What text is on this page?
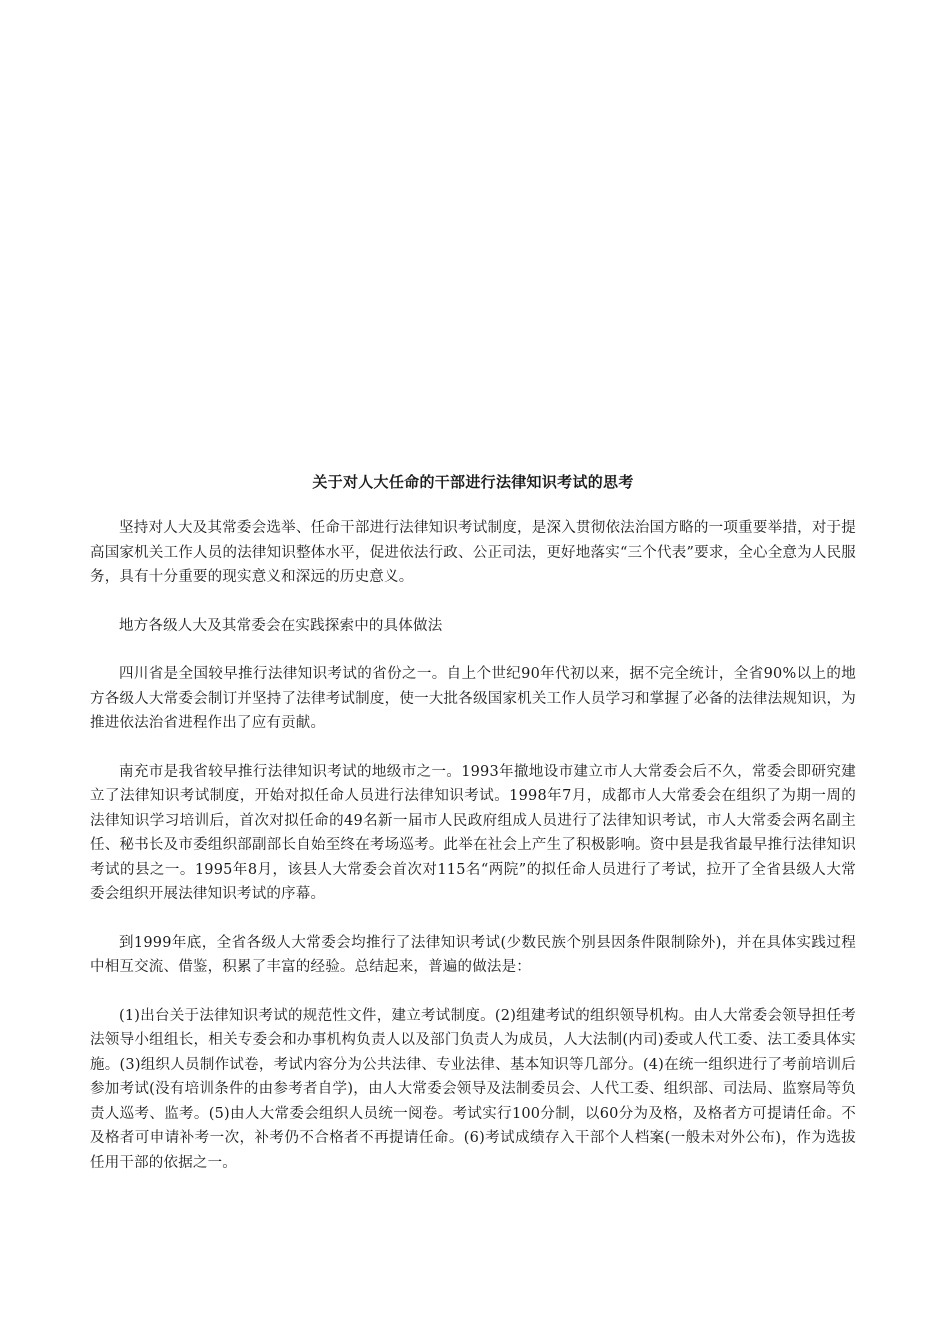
关于对人大任命的干部进行法律知识考试的思考

坚持对人大及其常委会选举、任命干部进行法律知识考试制度，是深入贯彻依法治国方略的一项重要举措，对于提高国家机关工作人员的法律知识整体水平，促进依法行政、公正司法，更好地落实“三个代表”要求，全心全意为人民服务，具有十分重要的现实意义和深远的历史意义。

地方各级人大及其常委会在实践探索中的具体做法

四川省是全国较早推行法律知识考试的省份之一。自上个世纪90年代初以来，据不完全统计，全省90%以上的地方各级人大常委会制订并坚持了法律考试制度，使一大批各级国家机关工作人员学习和掌握了必备的法律法规知识，为推进依法治省进程作出了应有贡献。

南充市是我省较早推行法律知识考试的地级市之一。1993年撤地设市建立市人大常委会后不久，常委会即研究建立了法律知识考试制度，开始对拟任命人员进行法律知识考试。1998年7月，成都市人大常委会在组织了为期一周的法律知识学习培训后，首次对拟任命的49名新一届市人民政府组成人员进行了法律知识考试，市人大常委会两名副主任、秘书长及市委组织部副部长自始至终在考场巡考。此举在社会上产生了积极影响。资中县是我省最早推行法律知识考试的县之一。1995年8月，该县人大常委会首次对115名“两院”的拟任命人员进行了考试，拉开了全省县级人大常委会组织开展法律知识考试的序幕。

到1999年底，全省各级人大常委会均推行了法律知识考试(少数民族个别县因条件限制除外)，并在具体实践过程中相互交流、借鉴，积累了丰富的经验。总结起来，普遍的做法是：

(1)出台关于法律知识考试的规范性文件，建立考试制度。(2)组建考试的组织领导机构。由人大常委会领导担任考法领导小组组长，相关专委会和办事机构负责人以及部门负责人为成员，人大法制(内司)委或人代工委、法工委具体实施。(3)组织人员制作试卷，考试内容分为公共法律、专业法律、基本知识等几部分。(4)在统一组织进行了考前培训后参加考试(没有培训条件的由参考者自学)，由人大常委会领导及法制委员会、人代工委、组织部、司法局、监察局等负责人巡考、监考。(5)由人大常委会组织人员统一阅卷。考试实行100分制，以60分为及格，及格者方可提请任命。不及格者可申请补考一次，补考仍不合格者不再提请任命。(6)考试成绩存入干部个人档案(一般未对外公布)，作为选拔任用干部的依据之一。
